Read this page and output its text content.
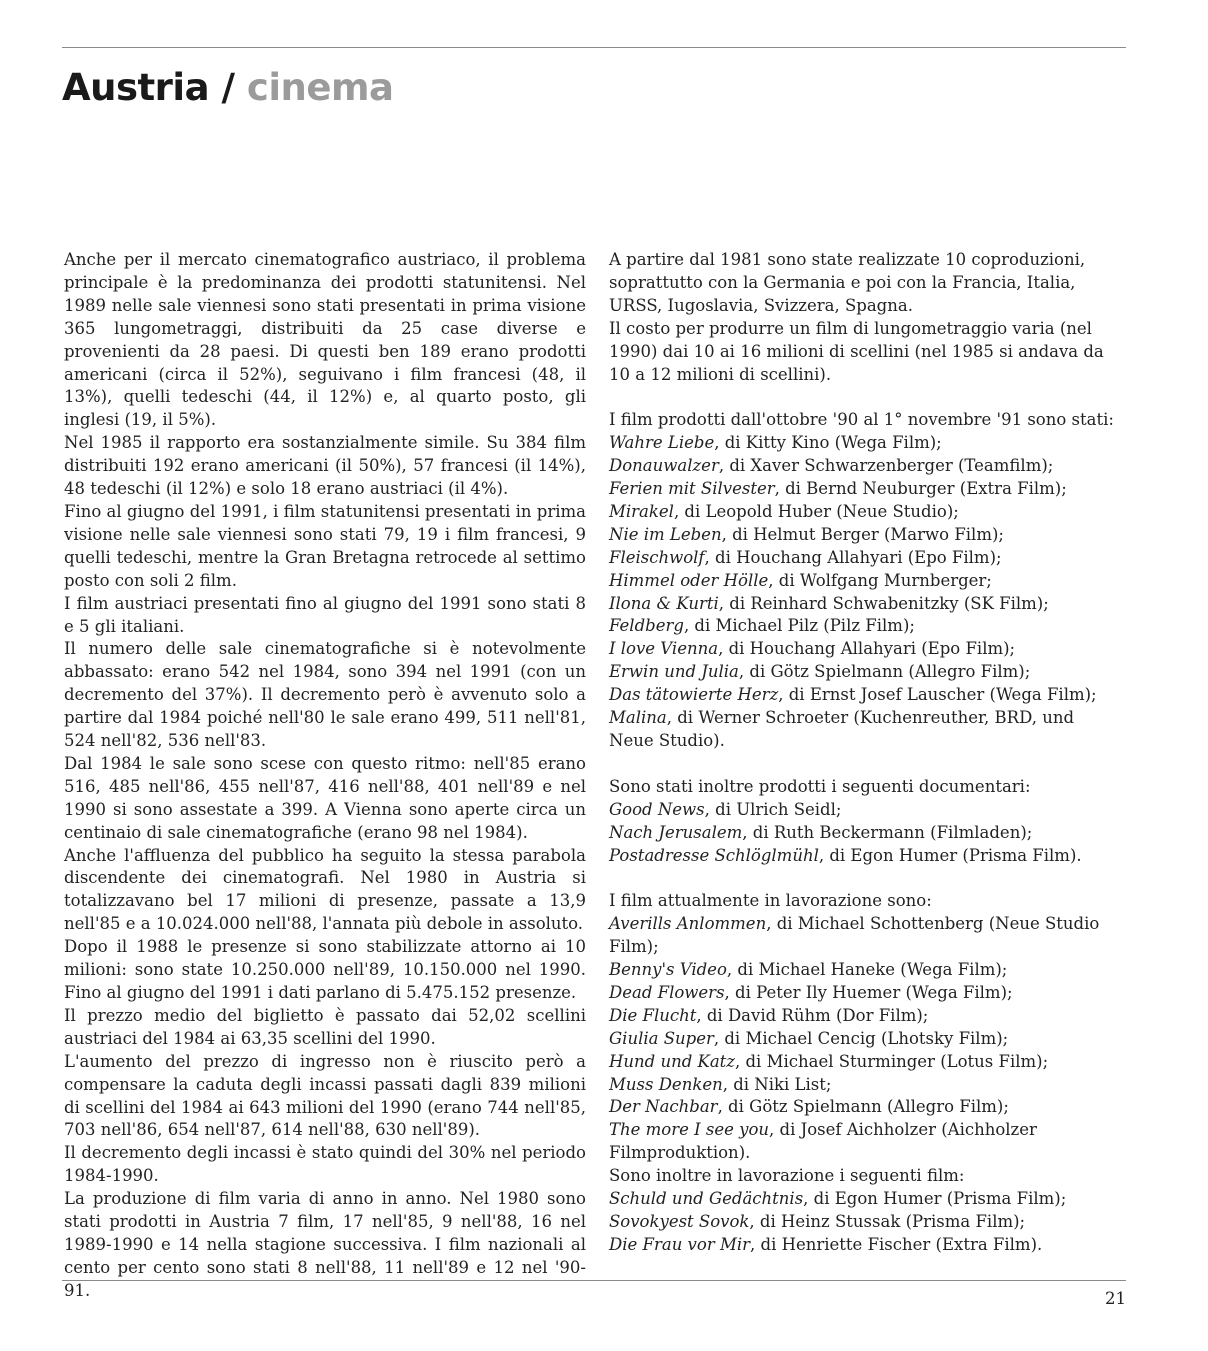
Austria / cinema

Anche per il mercato cinematografico austriaco, il problema principale è la predominanza dei prodotti statunitensi. Nel 1989 nelle sale viennesi sono stati presentati in prima visione 365 lungometraggi, distribuiti da 25 case diverse e provenienti da 28 paesi. Di questi ben 189 erano prodotti americani (circa il 52%), seguivano i film francesi (48, il 13%), quelli tedeschi (44, il 12%) e, al quarto posto, gli inglesi (19, il 5%).

Nel 1985 il rapporto era sostanzialmente simile. Su 384 film distribuiti 192 erano americani (il 50%), 57 francesi (il 14%), 48 tedeschi (il 12%) e solo 18 erano austriaci (il 4%).

Fino al giugno del 1991, i film statunitensi presentati in prima visione nelle sale viennesi sono stati 79, 19 i film francesi, 9 quelli tedeschi, mentre la Gran Bretagna retrocede al settimo posto con soli 2 film.

I film austriaci presentati fino al giugno del 1991 sono stati 8 e 5 gli italiani.

Il numero delle sale cinematografiche si è notevolmente abbassato: erano 542 nel 1984, sono 394 nel 1991 (con un decremento del 37%). Il decremento però è avvenuto solo a partire dal 1984 poiché nell'80 le sale erano 499, 511 nell'81, 524 nell'82, 536 nell'83.

Dal 1984 le sale sono scese con questo ritmo: nell'85 erano 516, 485 nell'86, 455 nell'87, 416 nell'88, 401 nell'89 e nel 1990 si sono assestate a 399. A Vienna sono aperte circa un centinaio di sale cinematografiche (erano 98 nel 1984).

Anche l'affluenza del pubblico ha seguito la stessa parabola discendente dei cinematografi. Nel 1980 in Austria si totalizzavano bel 17 milioni di presenze, passate a 13,9 nell'85 e a 10.024.000 nell'88, l'annata più debole in assoluto.

Dopo il 1988 le presenze si sono stabilizzate attorno ai 10 milioni: sono state 10.250.000 nell'89, 10.150.000 nel 1990. Fino al giugno del 1991 i dati parlano di 5.475.152 presenze.

Il prezzo medio del biglietto è passato dai 52,02 scellini austriaci del 1984 ai 63,35 scellini del 1990.

L'aumento del prezzo di ingresso non è riuscito però a compensare la caduta degli incassi passati dagli 839 milioni di scellini del 1984 ai 643 milioni del 1990 (erano 744 nell'85, 703 nell'86, 654 nell'87, 614 nell'88, 630 nell'89).

Il decremento degli incassi è stato quindi del 30% nel periodo 1984-1990.

La produzione di film varia di anno in anno. Nel 1980 sono stati prodotti in Austria 7 film, 17 nell'85, 9 nell'88, 16 nel 1989-1990 e 14 nella stagione successiva. I film nazionali al cento per cento sono stati 8 nell'88, 11 nell'89 e 12 nel '90-91.

A partire dal 1981 sono state realizzate 10 coproduzioni, soprattutto con la Germania e poi con la Francia, Italia, URSS, Iugoslavia, Svizzera, Spagna.

Il costo per produrre un film di lungometraggio varia (nel 1990) dai 10 ai 16 milioni di scellini (nel 1985 si andava da 10 a 12 milioni di scellini).

I film prodotti dall'ottobre '90 al 1° novembre '91 sono stati:

Wahre Liebe, di Kitty Kino (Wega Film);
Donauwalzer, di Xaver Schwarzenberger (Teamfilm);
Ferien mit Silvester, di Bernd Neuburger (Extra Film);
Mirakel, di Leopold Huber (Neue Studio);
Nie im Leben, di Helmut Berger (Marwo Film);
Fleischwolf, di Houchang Allahyari (Epo Film);
Himmel oder Hölle, di Wolfgang Murnberger;
Ilona & Kurti, di Reinhard Schwabenitzky (SK Film);
Feldberg, di Michael Pilz (Pilz Film);
I love Vienna, di Houchang Allahyari (Epo Film);
Erwin und Julia, di Götz Spielmann (Allegro Film);
Das tätowierte Herz, di Ernst Josef Lauscher (Wega Film);
Malina, di Werner Schroeter (Kuchenreuther, BRD, und Neue Studio).

Sono stati inoltre prodotti i seguenti documentari:

Good News, di Ulrich Seidl;
Nach Jerusalem, di Ruth Beckermann (Filmladen);
Postadresse Schlöglmühl, di Egon Humer (Prisma Film).

I film attualmente in lavorazione sono:

Averills Anlommen, di Michael Schottenberg (Neue Studio Film);
Benny's Video, di Michael Haneke (Wega Film);
Dead Flowers, di Peter Ily Huemer (Wega Film);
Die Flucht, di David Rühm (Dor Film);
Giulia Super, di Michael Cencig (Lhotsky Film);
Hund und Katz, di Michael Sturminger (Lotus Film);
Muss Denken, di Niki List;
Der Nachbar, di Götz Spielmann (Allegro Film);
The more I see you, di Josef Aichholzer (Aichholzer Filmproduktion).

Sono inoltre in lavorazione i seguenti film:

Schuld und Gedächtnis, di Egon Humer (Prisma Film);
Sovokyest Sovok, di Heinz Stussak (Prisma Film);
Die Frau vor Mir, di Henriette Fischer (Extra Film).
21
